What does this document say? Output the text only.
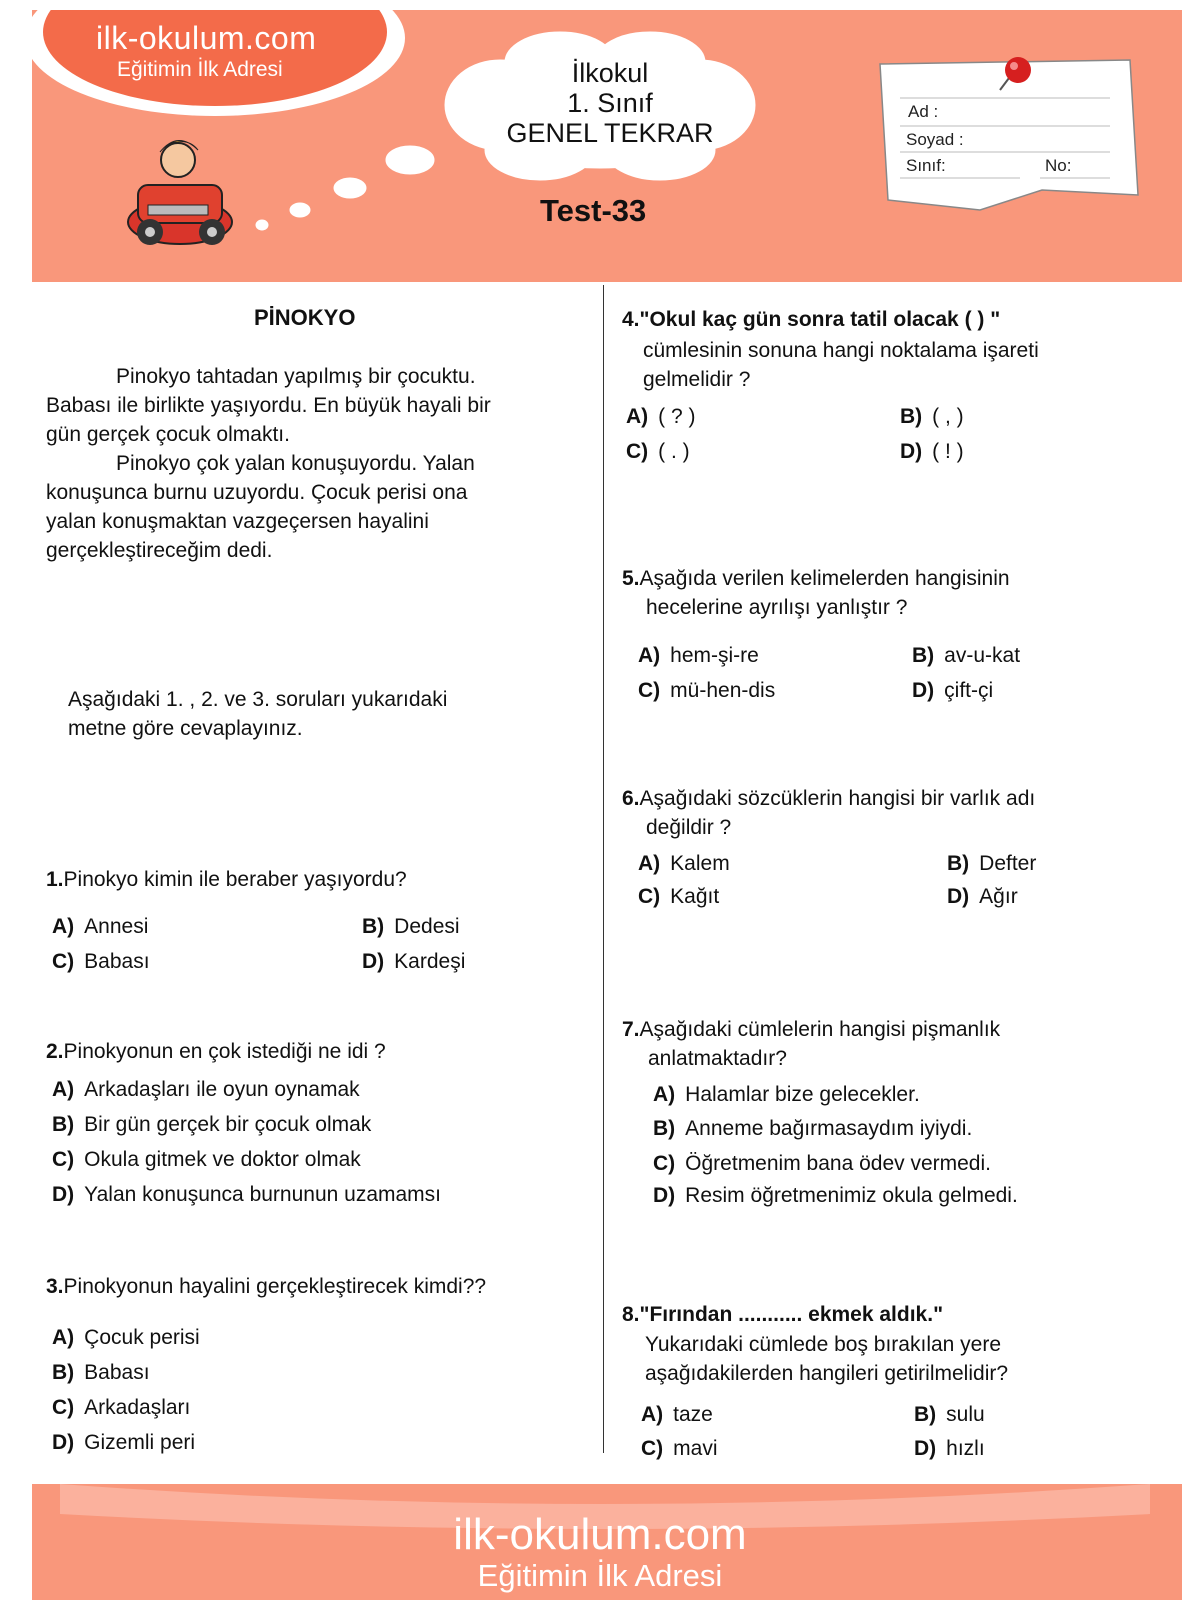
ilk-okulum.com
Eğitimin İlk Adresi	İlkokul
1. Sınıf
GENEL TEKRAR
Test-33
Ad :
Soyad :
Sınıf:	No:
PİNOKYO
Pinokyo tahtadan yapılmış bir çocuktu.
Babası ile birlikte yaşıyordu. En büyük hayali bir
gün gerçek çocuk olmaktı.
Pinokyo çok yalan konuşuyordu. Yalan
konuşunca burnu uzuyordu. Çocuk perisi ona
yalan konuşmaktan vazgeçersen hayalini
gerçekleştireceğim dedi.
Aşağıdaki 1. , 2. ve 3. soruları yukarıdaki
metne göre cevaplayınız.
1.Pinokyo kimin ile beraber yaşıyordu?
A) Annesi	B) Dedesi
C) Babası	D) Kardeşi
2.Pinokyonun en çok istediği ne idi ?
A) Arkadaşları ile oyun oynamak
B) Bir gün gerçek bir çocuk olmak
C) Okula gitmek ve doktor olmak
D) Yalan konuşunca burnunun uzamamsı
3.Pinokyonun hayalini gerçekleştirecek kimdi??
A) Çocuk perisi
B) Babası
C) Arkadaşları
D) Gizemli peri
4."Okul kaç gün sonra tatil olacak ( ) "
cümlesinin sonuna hangi noktalama işareti
gelmelidir ?
A) ( ? )	B) ( , )
C) ( . )	D) ( ! )
5.Aşağıda verilen kelimelerden hangisinin
hecelerine ayrılışı yanlıştır ?
A) hem-şi-re	B) av-u-kat
C) mü-hen-dis	D) çift-çi
6.Aşağıdaki sözcüklerin hangisi bir varlık adı
değildir ?
A) Kalem	B) Defter
C) Kağıt	D) Ağır
7.Aşağıdaki cümlelerin hangisi pişmanlık
anlatmaktadır?
A) Halamlar bize gelecekler.
B) Anneme bağırmasaydım iyiydi.
C) Öğretmenim bana ödev vermedi.
D) Resim öğretmenimiz okula gelmedi.
8."Fırından ........... ekmek aldık."
Yukarıdaki cümlede boş bırakılan yere
aşağıdakilerden hangileri getirilmelidir?
A) taze	B) sulu
C) mavi	D) hızlı
ilk-okulum.com
Eğitimin İlk Adresi
